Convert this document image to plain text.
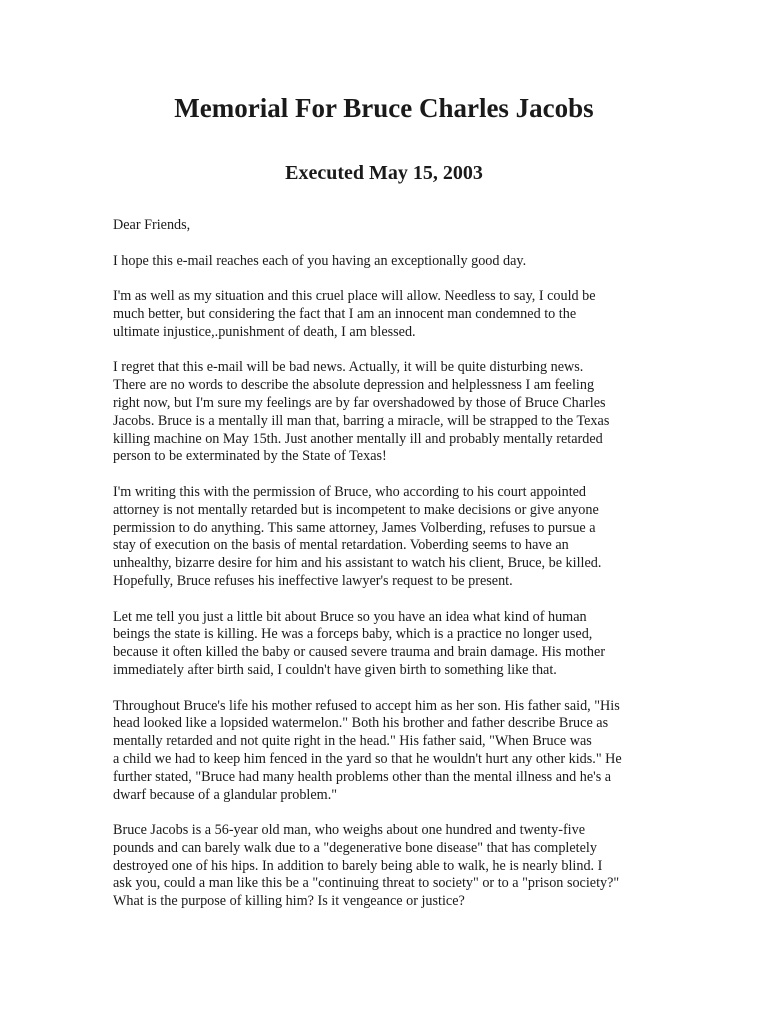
Memorial For Bruce Charles Jacobs
Executed May 15, 2003

Dear Friends,

I hope this e-mail reaches each of you having an exceptionally good day.

I'm as well as my situation and this cruel place will allow. Needless to say, I could be
much better, but considering the fact that I am an innocent man condemned to the
ultimate injustice,.punishment of death, I am blessed.

I regret that this e-mail will be bad news. Actually, it will be quite disturbing news.
There are no words to describe the absolute depression and helplessness I am feeling
right now, but I'm sure my feelings are by far overshadowed by those of Bruce Charles
Jacobs. Bruce is a mentally ill man that, barring a miracle, will be strapped to the Texas
killing machine on May 15th. Just another mentally ill and probably mentally retarded
person to be exterminated by the State of Texas!

I'm writing this with the permission of Bruce, who according to his court appointed
attorney is not mentally retarded but is incompetent to make decisions or give anyone
permission to do anything. This same attorney, James Volberding, refuses to pursue a
stay of execution on the basis of mental retardation. Voberding seems to have an
unhealthy, bizarre desire for him and his assistant to watch his client, Bruce, be killed.
Hopefully, Bruce refuses his ineffective lawyer's request to be present.

Let me tell you just a little bit about Bruce so you have an idea what kind of human
beings the state is killing. He was a forceps baby, which is a practice no longer used,
because it often killed the baby or caused severe trauma and brain damage. His mother
immediately after birth said, I couldn't have given birth to something like that.

Throughout Bruce's life his mother refused to accept him as her son. His father said, "His
head looked like a lopsided watermelon." Both his brother and father describe Bruce as
mentally retarded and not quite right in the head." His father said, "When Bruce was
a child we had to keep him fenced in the yard so that he wouldn't hurt any other kids." He
further stated, "Bruce had many health problems other than the mental illness and he's a
dwarf because of a glandular problem."

Bruce Jacobs is a 56-year old man, who weighs about one hundred and twenty-five
pounds and can barely walk due to a "degenerative bone disease" that has completely
destroyed one of his hips. In addition to barely being able to walk, he is nearly blind. I
ask you, could a man like this be a "continuing threat to society" or to a "prison society?"
What is the purpose of killing him? Is it vengeance or justice?
